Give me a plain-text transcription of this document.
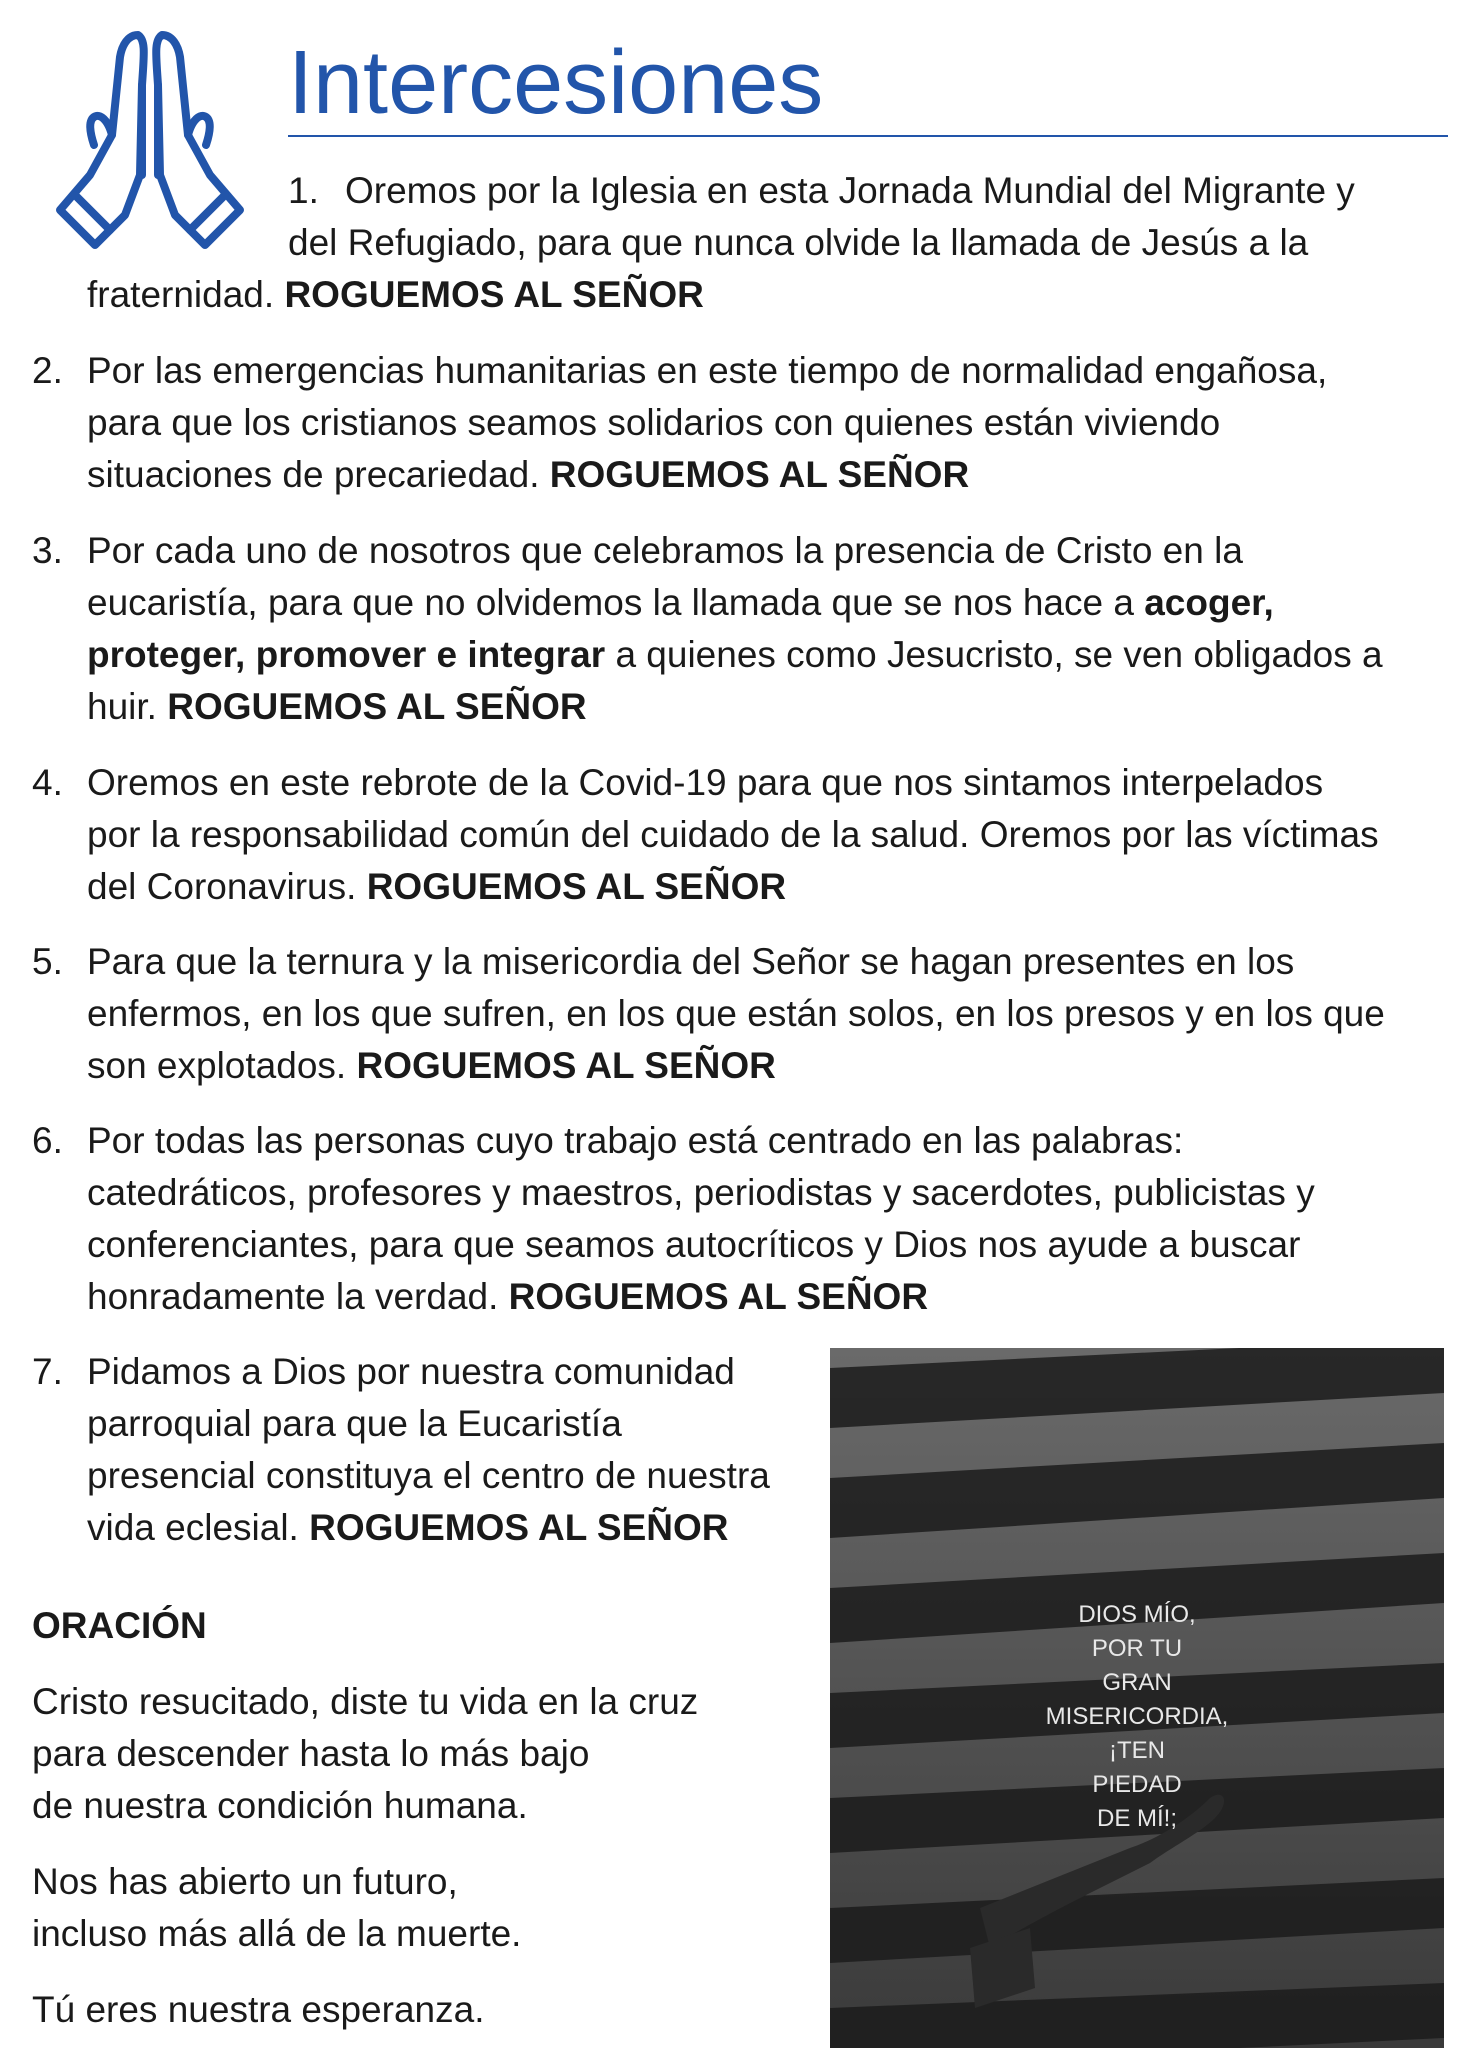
Intercesiones
1. Oremos por la Iglesia en esta Jornada Mundial del Migrante y
del Refugiado, para que nunca olvide la llamada de Jesús a la
fraternidad. ROGUEMOS AL SEÑOR
2. Por las emergencias humanitarias en este tiempo de normalidad engañosa,
para que los cristianos seamos solidarios con quienes están viviendo
situaciones de precariedad. ROGUEMOS AL SEÑOR
3. Por cada uno de nosotros que celebramos la presencia de Cristo en la
eucaristía, para que no olvidemos la llamada que se nos hace a acoger,
proteger, promover e integrar a quienes como Jesucristo, se ven obligados a
huir. ROGUEMOS AL SEÑOR
4. Oremos en este rebrote de la Covid-19 para que nos sintamos interpelados
por la responsabilidad común del cuidado de la salud. Oremos por las víctimas
del Coronavirus. ROGUEMOS AL SEÑOR
5. Para que la ternura y la misericordia del Señor se hagan presentes en los
enfermos, en los que sufren, en los que están solos, en los presos y en los que
son explotados. ROGUEMOS AL SEÑOR
6. Por todas las personas cuyo trabajo está centrado en las palabras:
catedráticos, profesores y maestros, periodistas y sacerdotes, publicistas y
conferenciantes, para que seamos autocríticos y Dios nos ayude a buscar
honradamente la verdad. ROGUEMOS AL SEÑOR
7. Pidamos a Dios por nuestra comunidad
parroquial para que la Eucaristía
presencial constituya el centro de nuestra
vida eclesial. ROGUEMOS AL SEÑOR
ORACIÓN
Cristo resucitado, diste tu vida en la cruz
para descender hasta lo más bajo
de nuestra condición humana.
Nos has abierto un futuro,
incluso más allá de la muerte.
Tú eres nuestra esperanza.
DIOS MÍO,
POR TU
GRAN
MISERICORDIA,
¡TEN
PIEDAD
DE MÍ!;
